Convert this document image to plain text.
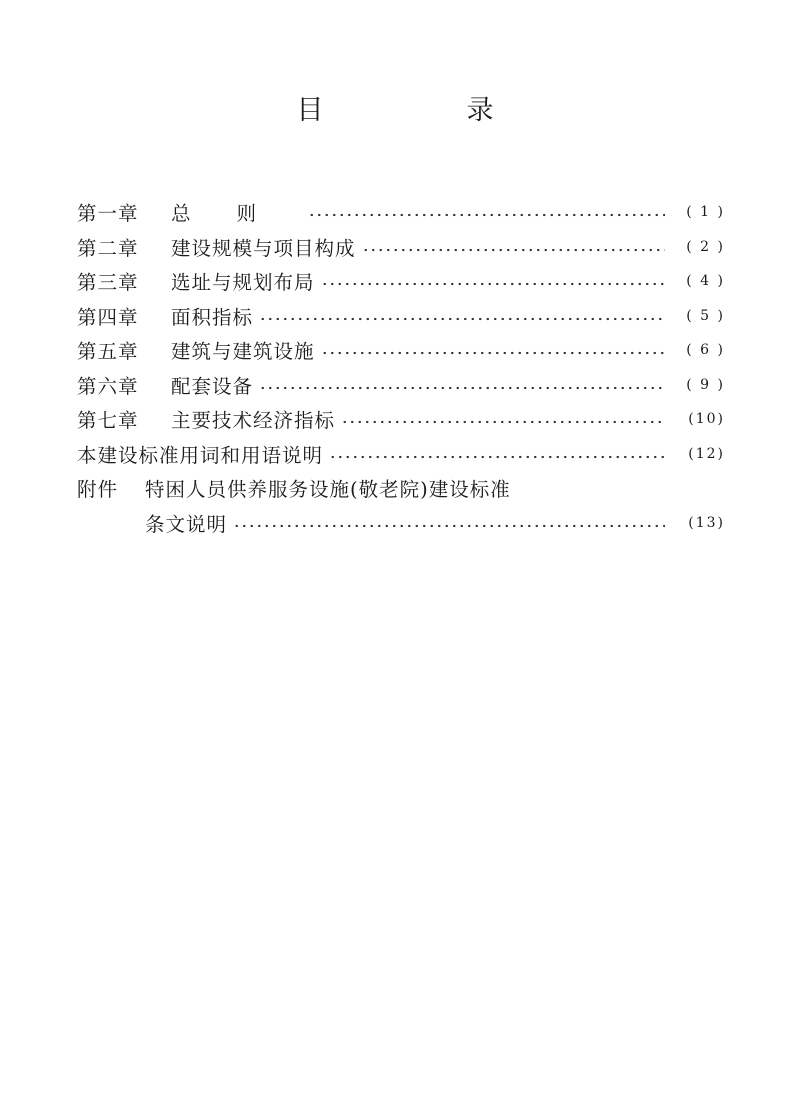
目　录
第一章	总则	( 1 )
第二章	建设规模与项目构成	( 2 )
第三章	选址与规划布局	( 4 )
第四章	面积指标	( 5 )
第五章	建筑与建筑设施	( 6 )
第六章	配套设备	( 9 )
第七章	主要技术经济指标	(10)
本建设标准用词和用语说明	(12)
附件	特困人员供养服务设施(敬老院)建设标准
条文说明	(13)
